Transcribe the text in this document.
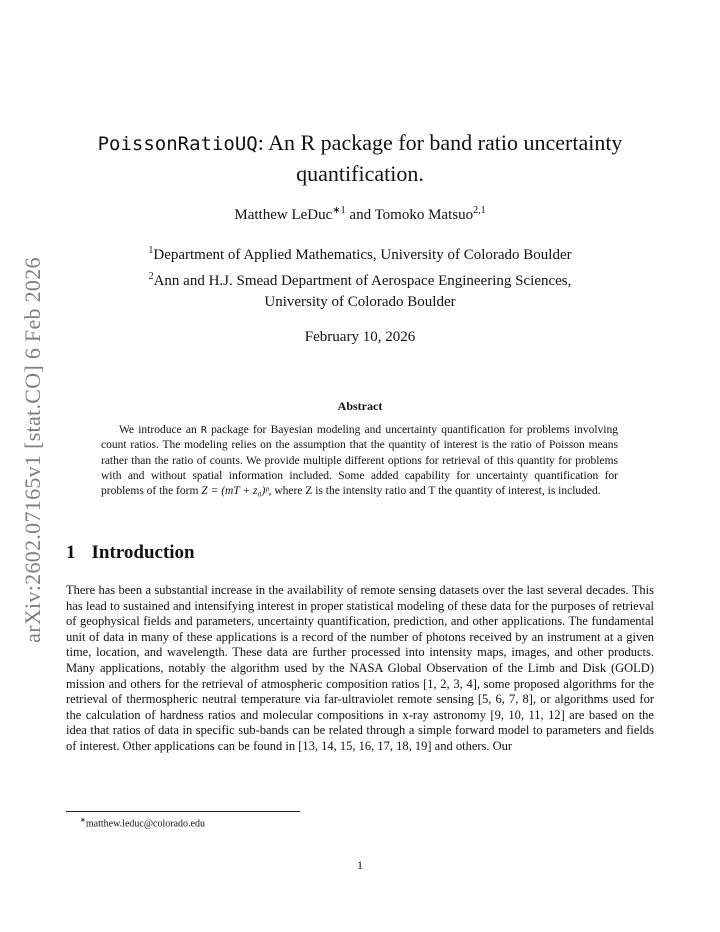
arXiv:2602.07165v1 [stat.CO] 6 Feb 2026
PoissonRatioUQ: An R package for band ratio uncertainty quantification.
Matthew LeDuc$^{∗1}$ and Tomoko Matsuo$^{2,1}$
$^1$Department of Applied Mathematics, University of Colorado Boulder
$^2$Ann and H.J. Smead Department of Aerospace Engineering Sciences,
University of Colorado Boulder
February 10, 2026
Abstract
We introduce an R package for Bayesian modeling and uncertainty quantification for problems involving count ratios. The modeling relies on the assumption that the quantity of interest is the ratio of Poisson means rather than the ratio of counts. We provide multiple different options for retrieval of this quantity for problems with and without spatial information included. Some added capability for uncertainty quantification for problems of the form Z = (mT + z₀)ᵖ, where Z is the intensity ratio and T the quantity of interest, is included.
1 Introduction
There has been a substantial increase in the availability of remote sensing datasets over the last several decades. This has lead to sustained and intensifying interest in proper statistical modeling of these data for the purposes of retrieval of geophysical fields and parameters, uncertainty quantification, prediction, and other applications. The fundamental unit of data in many of these applications is a record of the number of photons received by an instrument at a given time, location, and wavelength. These data are further processed into intensity maps, images, and other products. Many applications, notably the algorithm used by the NASA Global Observation of the Limb and Disk (GOLD) mission and others for the retrieval of atmospheric composition ratios [1, 2, 3, 4], some proposed algorithms for the retrieval of thermospheric neutral temperature via far-ultraviolet remote sensing [5, 6, 7, 8], or algorithms used for the calculation of hardness ratios and molecular compositions in x-ray astronomy [9, 10, 11, 12] are based on the idea that ratios of data in specific sub-bands can be related through a simple forward model to parameters and fields of interest. Other applications can be found in [13, 14, 15, 16, 17, 18, 19] and others. Our
∗matthew.leduc@colorado.edu
1
